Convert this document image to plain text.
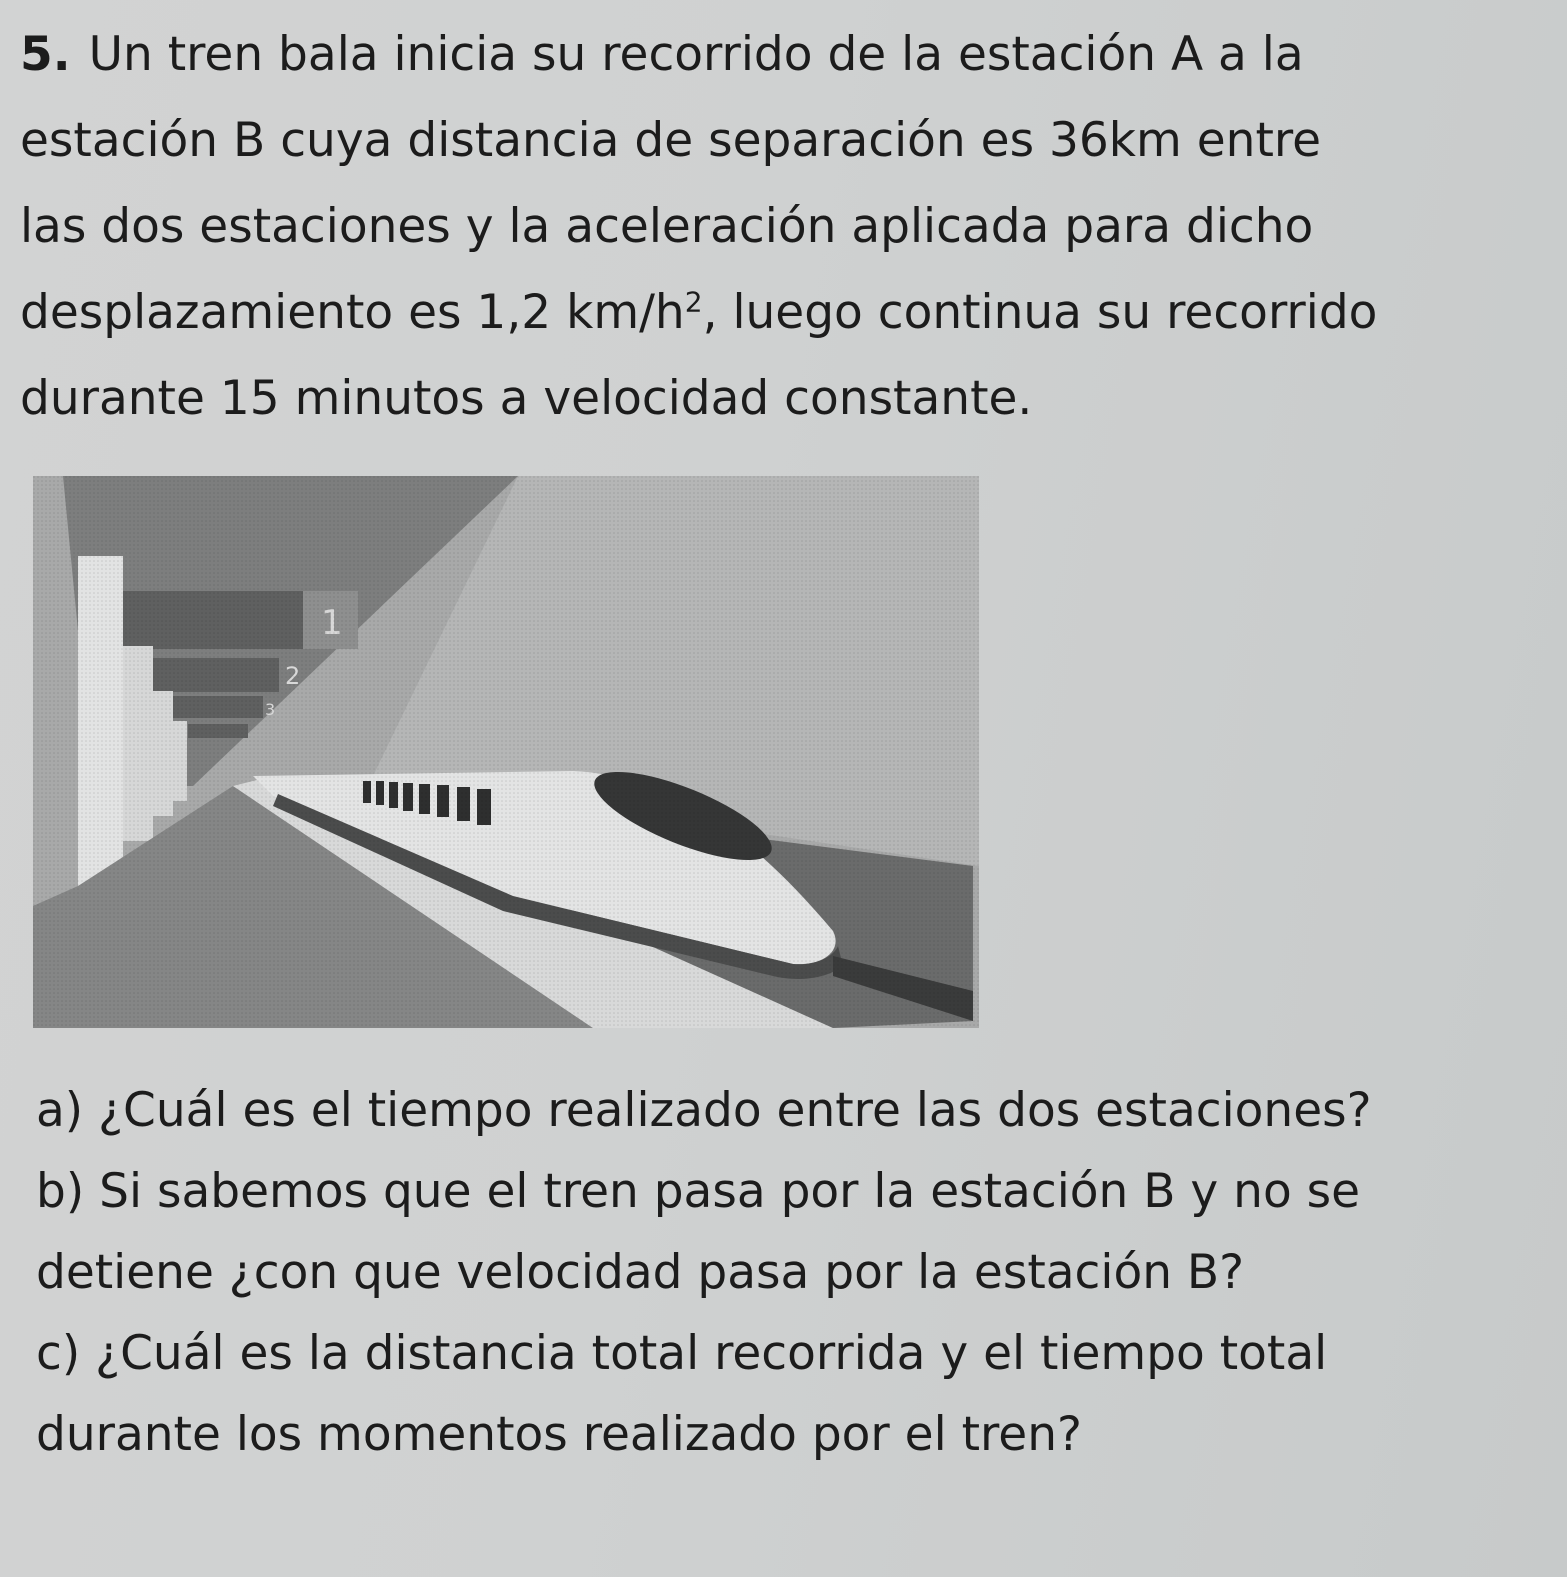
5. Un tren bala inicia su recorrido de la estación A a la estación B cuya distancia de separación es 36km entre las dos estaciones y la aceleración aplicada para dicho desplazamiento es 1,2 $km/h^2$, luego continua su recorrido durante 15 minutos a velocidad constante.

a) ¿Cuál es el tiempo realizado entre las dos estaciones?

b) Si sabemos que el tren pasa por la estación B y no se detiene ¿con que velocidad pasa por la estación B?

c) ¿Cuál es la distancia total recorrida y el tiempo total durante los momentos realizado por el tren?
